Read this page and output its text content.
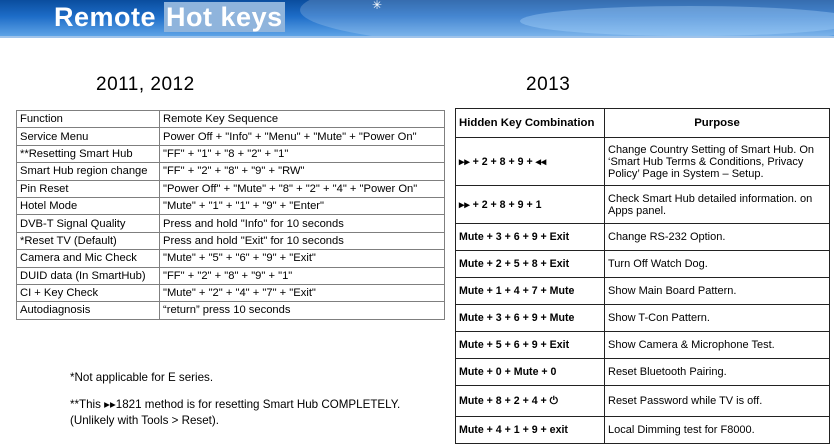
✳
Remote Hot keys
2011, 2012	2013
Function	Remote Key Sequence
Service Menu	Power Off + "Info" + "Menu" + "Mute" + "Power On"
**Resetting Smart Hub	"FF" + "1" + "8 + "2" + "1"
Smart Hub region change	"FF" + "2" + "8" + "9" + "RW"
Pin Reset	"Power Off" + "Mute" + "8" + "2" + "4" + "Power On"
Hotel Mode	"Mute" + "1" + "1" + "9" + "Enter"
DVB-T Signal Quality	Press and hold "Info" for 10 seconds
*Reset TV (Default)	Press and hold "Exit" for 10 seconds
Camera and Mic Check	"Mute" + "5" + "6" + "9" + "Exit"
DUID data (In SmartHub)	"FF" + "2" + "8" + "9" + "1"
CI + Key Check	"Mute" + "2" + "4" + "7" + "Exit"
Autodiagnosis	“return” press 10 seconds
Hidden Key Combination	Purpose
▸▸ + 2 + 8 + 9 + ◂◂	Change Country Setting of Smart Hub. On ‘Smart Hub Terms & Conditions, Privacy Policy’ Page in System – Setup.
▸▸ + 2 + 8 + 9 + 1	Check Smart Hub detailed information. on Apps panel.
Mute + 3 + 6 + 9 + Exit	Change RS-232 Option.
Mute + 2 + 5 + 8 + Exit	Turn Off Watch Dog.
Mute + 1 + 4 + 7 + Mute	Show Main Board Pattern.
Mute + 3 + 6 + 9 + Mute	Show T-Con Pattern.
Mute + 5 + 6 + 9 + Exit	Show Camera & Microphone Test.
Mute + 0 + Mute + 0	Reset Bluetooth Pairing.
Mute + 8 + 2 + 4 + ⏻	Reset Password while TV is off.
Mute + 4 + 1 + 9 + exit	Local Dimming test for F8000.
*Not applicable for E series.
**This ▸▸1821 method is for resetting Smart Hub COMPLETELY.
(Unlikely with Tools > Reset).
